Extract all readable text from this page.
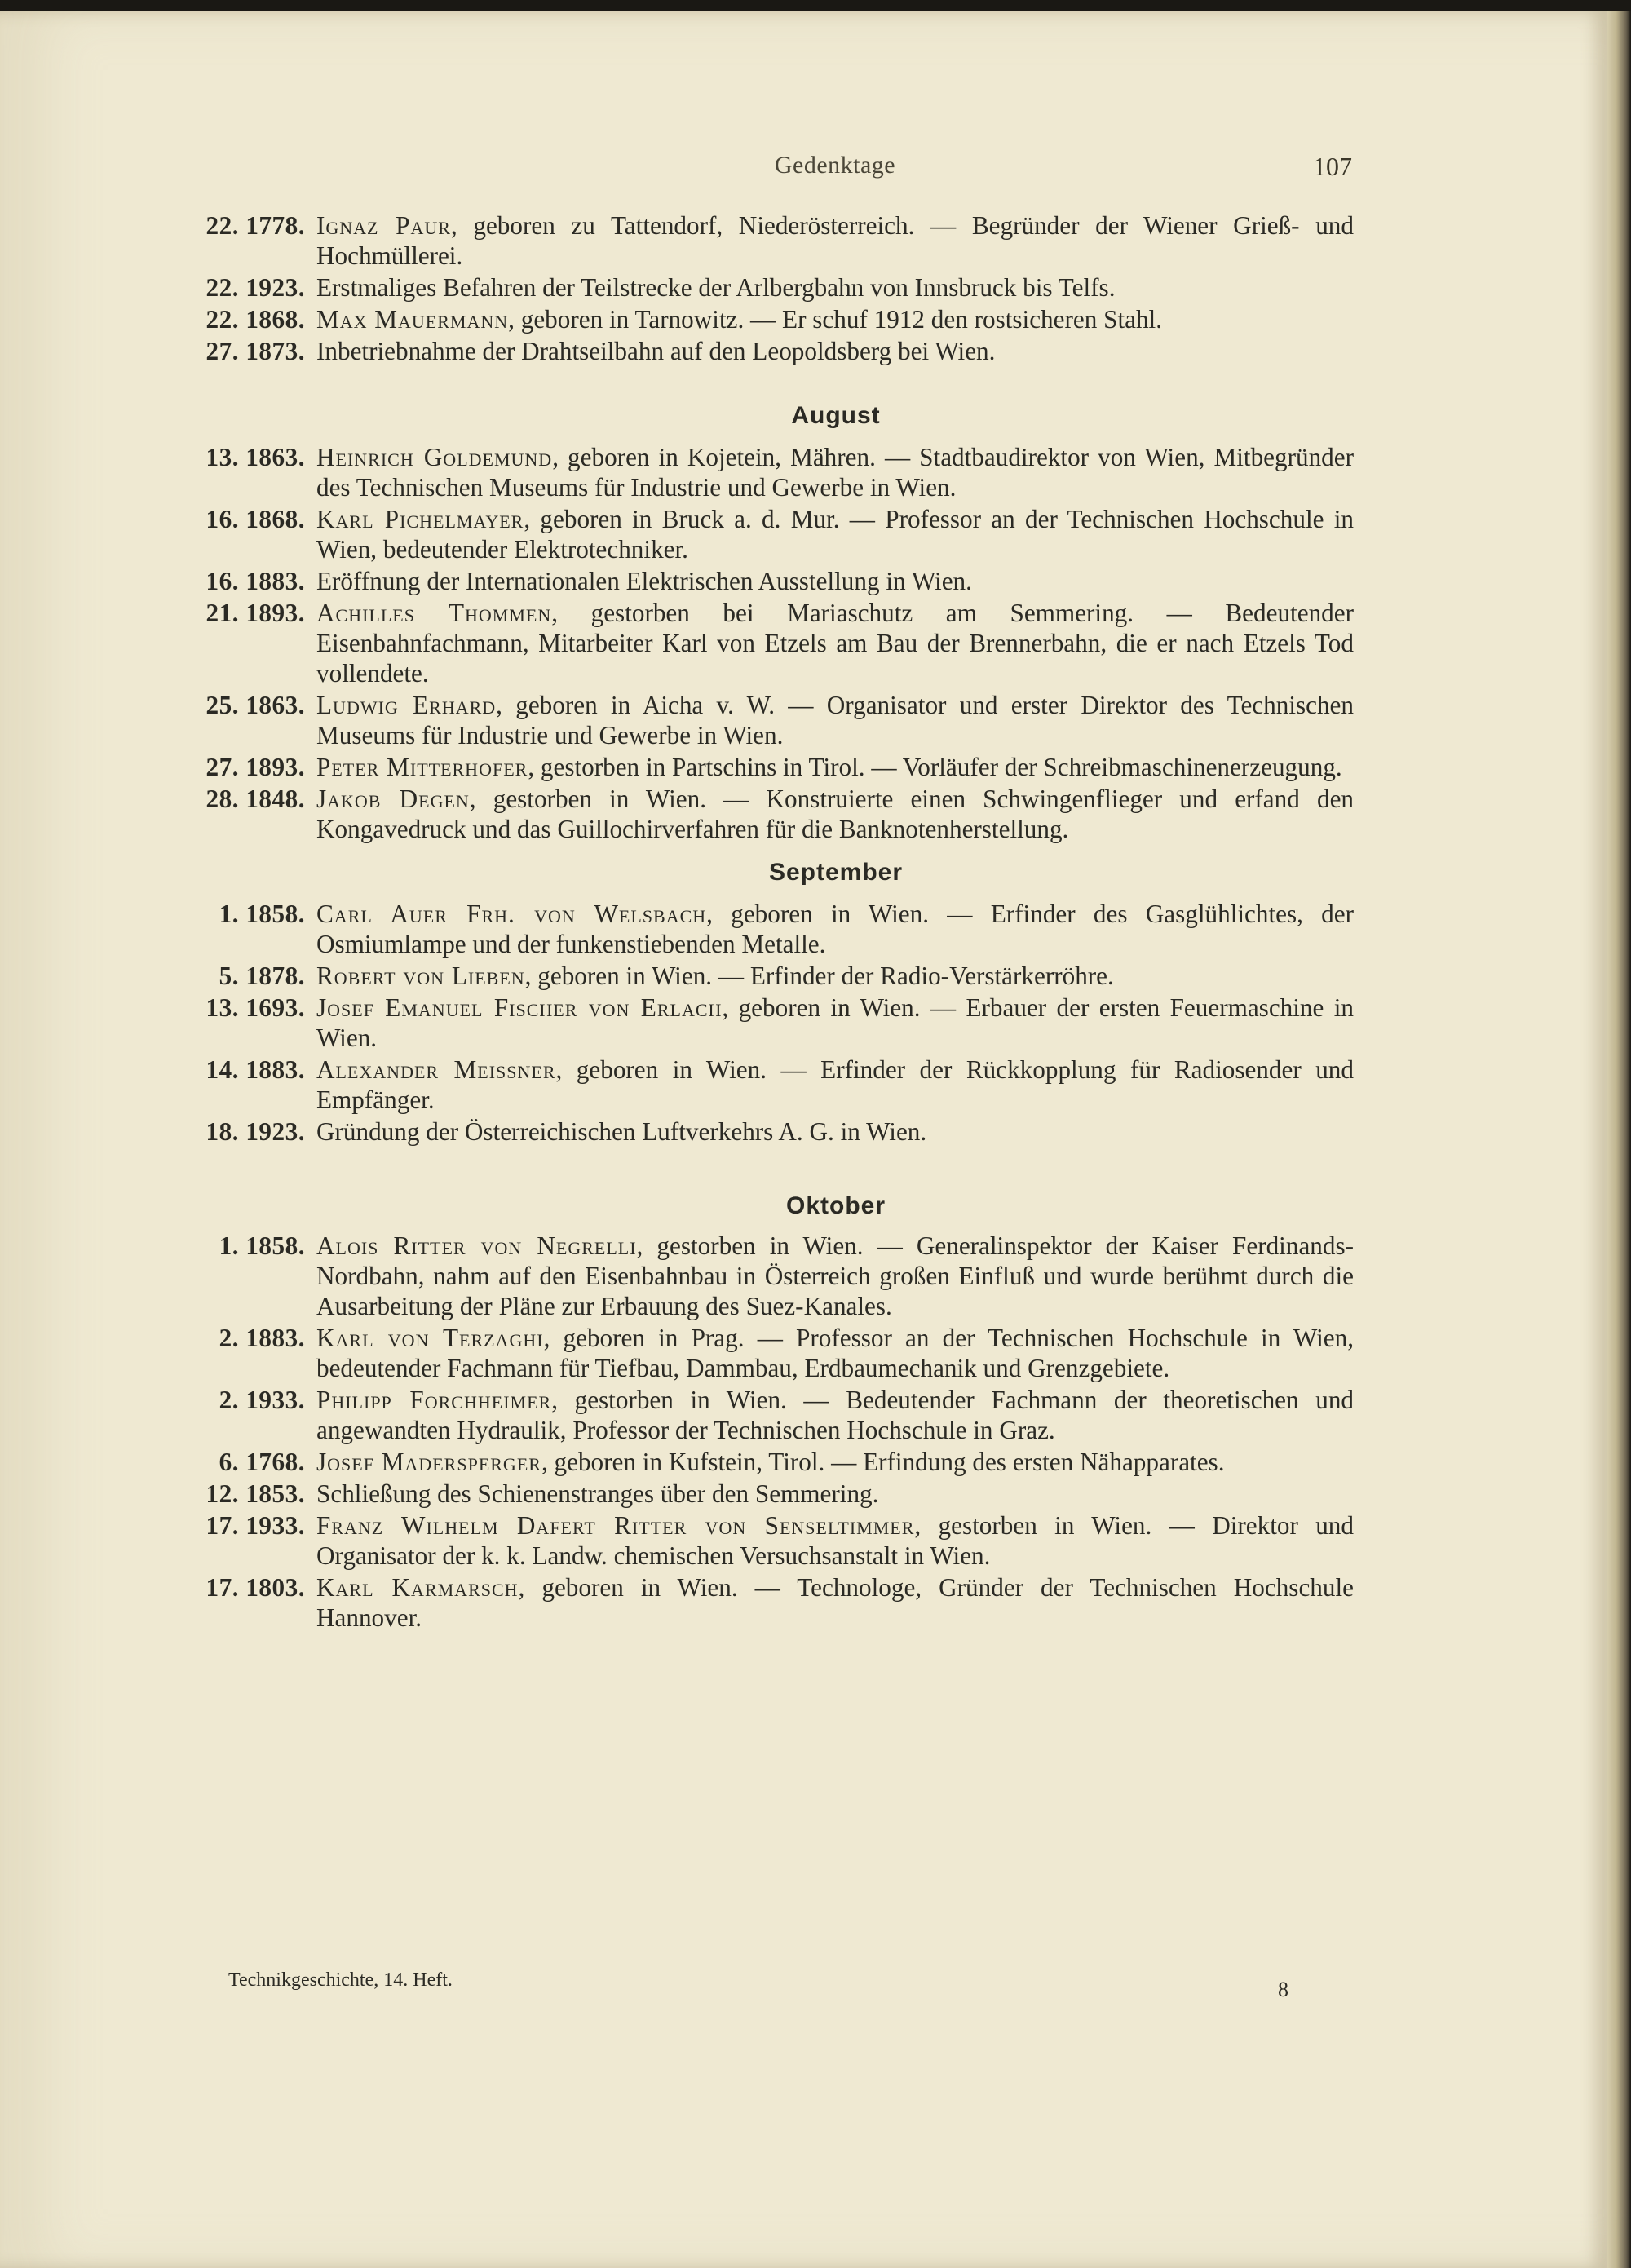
Gedenktage	107
22. 1778. Ignaz Paur, geboren zu Tattendorf, Niederösterreich. — Begründer der Wiener Grieß- und Hochmüllerei.
22. 1923. Erstmaliges Befahren der Teilstrecke der Arlbergbahn von Innsbruck bis Telfs.
22. 1868. Max Mauermann, geboren in Tarnowitz. — Er schuf 1912 den rostsicheren Stahl.
27. 1873. Inbetriebnahme der Drahtseilbahn auf den Leopoldsberg bei Wien.
August
13. 1863. Heinrich Goldemund, geboren in Kojetein, Mähren. — Stadtbaudirektor von Wien, Mitbegründer des Technischen Museums für Industrie und Gewerbe in Wien.
16. 1868. Karl Pichelmayer, geboren in Bruck a. d. Mur. — Professor an der Technischen Hochschule in Wien, bedeutender Elektrotechniker.
16. 1883. Eröffnung der Internationalen Elektrischen Ausstellung in Wien.
21. 1893. Achilles Thommen, gestorben bei Mariaschutz am Semmering. — Bedeutender Eisenbahnfachmann, Mitarbeiter Karl von Etzels am Bau der Brennerbahn, die er nach Etzels Tod vollendete.
25. 1863. Ludwig Erhard, geboren in Aicha v. W. — Organisator und erster Direktor des Technischen Museums für Industrie und Gewerbe in Wien.
27. 1893. Peter Mitterhofer, gestorben in Partschins in Tirol. — Vorläufer der Schreibmaschinenerzeugung.
28. 1848. Jakob Degen, gestorben in Wien. — Konstruierte einen Schwingenflieger und erfand den Kongavedruck und das Guillochirverfahren für die Banknotenherstellung.
September
1. 1858. Carl Auer Frh. von Welsbach, geboren in Wien. — Erfinder des Gasglühlichtes, der Osmiumlampe und der funkenstiebenden Metalle.
5. 1878. Robert von Lieben, geboren in Wien. — Erfinder der Radio-Verstärkerröhre.
13. 1693. Josef Emanuel Fischer von Erlach, geboren in Wien. — Erbauer der ersten Feuermaschine in Wien.
14. 1883. Alexander Meissner, geboren in Wien. — Erfinder der Rückkopplung für Radiosender und Empfänger.
18. 1923. Gründung der Österreichischen Luftverkehrs A. G. in Wien.
Oktober
1. 1858. Alois Ritter von Negrelli, gestorben in Wien. — Generalinspektor der Kaiser Ferdinands-Nordbahn, nahm auf den Eisenbahnbau in Österreich großen Einfluß und wurde berühmt durch die Ausarbeitung der Pläne zur Erbauung des Suez-Kanales.
2. 1883. Karl von Terzaghi, geboren in Prag. — Professor an der Technischen Hochschule in Wien, bedeutender Fachmann für Tiefbau, Dammbau, Erdbaumechanik und Grenzgebiete.
2. 1933. Philipp Forchheimer, gestorben in Wien. — Bedeutender Fachmann der theoretischen und angewandten Hydraulik, Professor der Technischen Hochschule in Graz.
6. 1768. Josef Madersperger, geboren in Kufstein, Tirol. — Erfindung des ersten Nähapparates.
12. 1853. Schließung des Schienenstranges über den Semmering.
17. 1933. Franz Wilhelm Dafert Ritter von Senseltimmer, gestorben in Wien. — Direktor und Organisator der k. k. Landw. chemischen Versuchsanstalt in Wien.
17. 1803. Karl Karmarsch, geboren in Wien. — Technologe, Gründer der Technischen Hochschule Hannover.
Technikgeschichte, 14. Heft.	8
